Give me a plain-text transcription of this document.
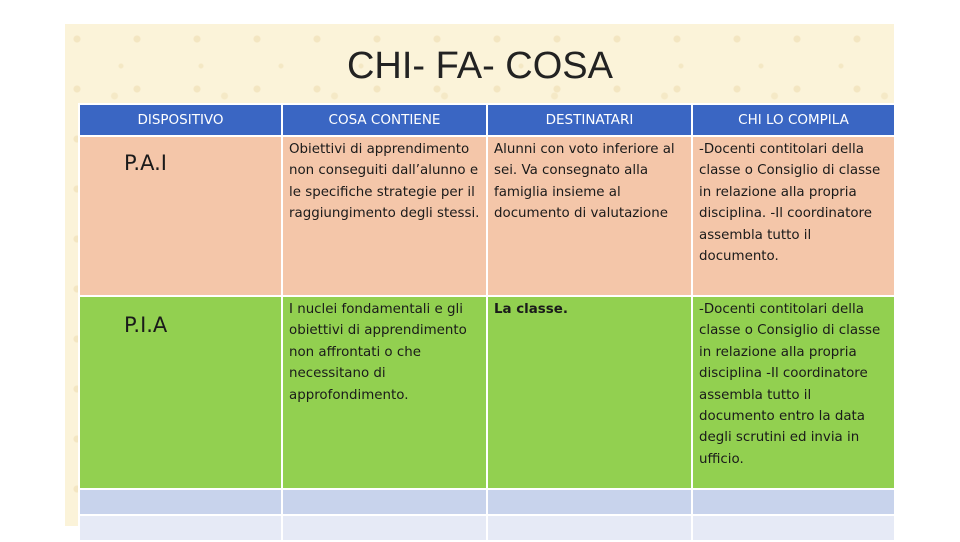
CHI- FA- COSA
DISPOSITIVO	COSA CONTIENE	DESTINATARI	CHI LO COMPILA
P.A.I	Obiettivi di apprendimento non conseguiti dall’alunno e le specifiche strategie per il raggiungimento degli stessi.	Alunni con voto inferiore al sei. Va consegnato alla famiglia insieme al documento di valutazione	-Docenti contitolari della classe o Consiglio di classe in relazione alla propria disciplina. -Il coordinatore assembla tutto il documento.
P.I.A	I nuclei fondamentali e gli obiettivi di apprendimento non affrontati o che necessitano di approfondimento.	La classe.	-Docenti contitolari della classe o Consiglio di classe in relazione alla propria disciplina -Il coordinatore assembla tutto il documento entro la data degli scrutini ed invia in ufficio.
